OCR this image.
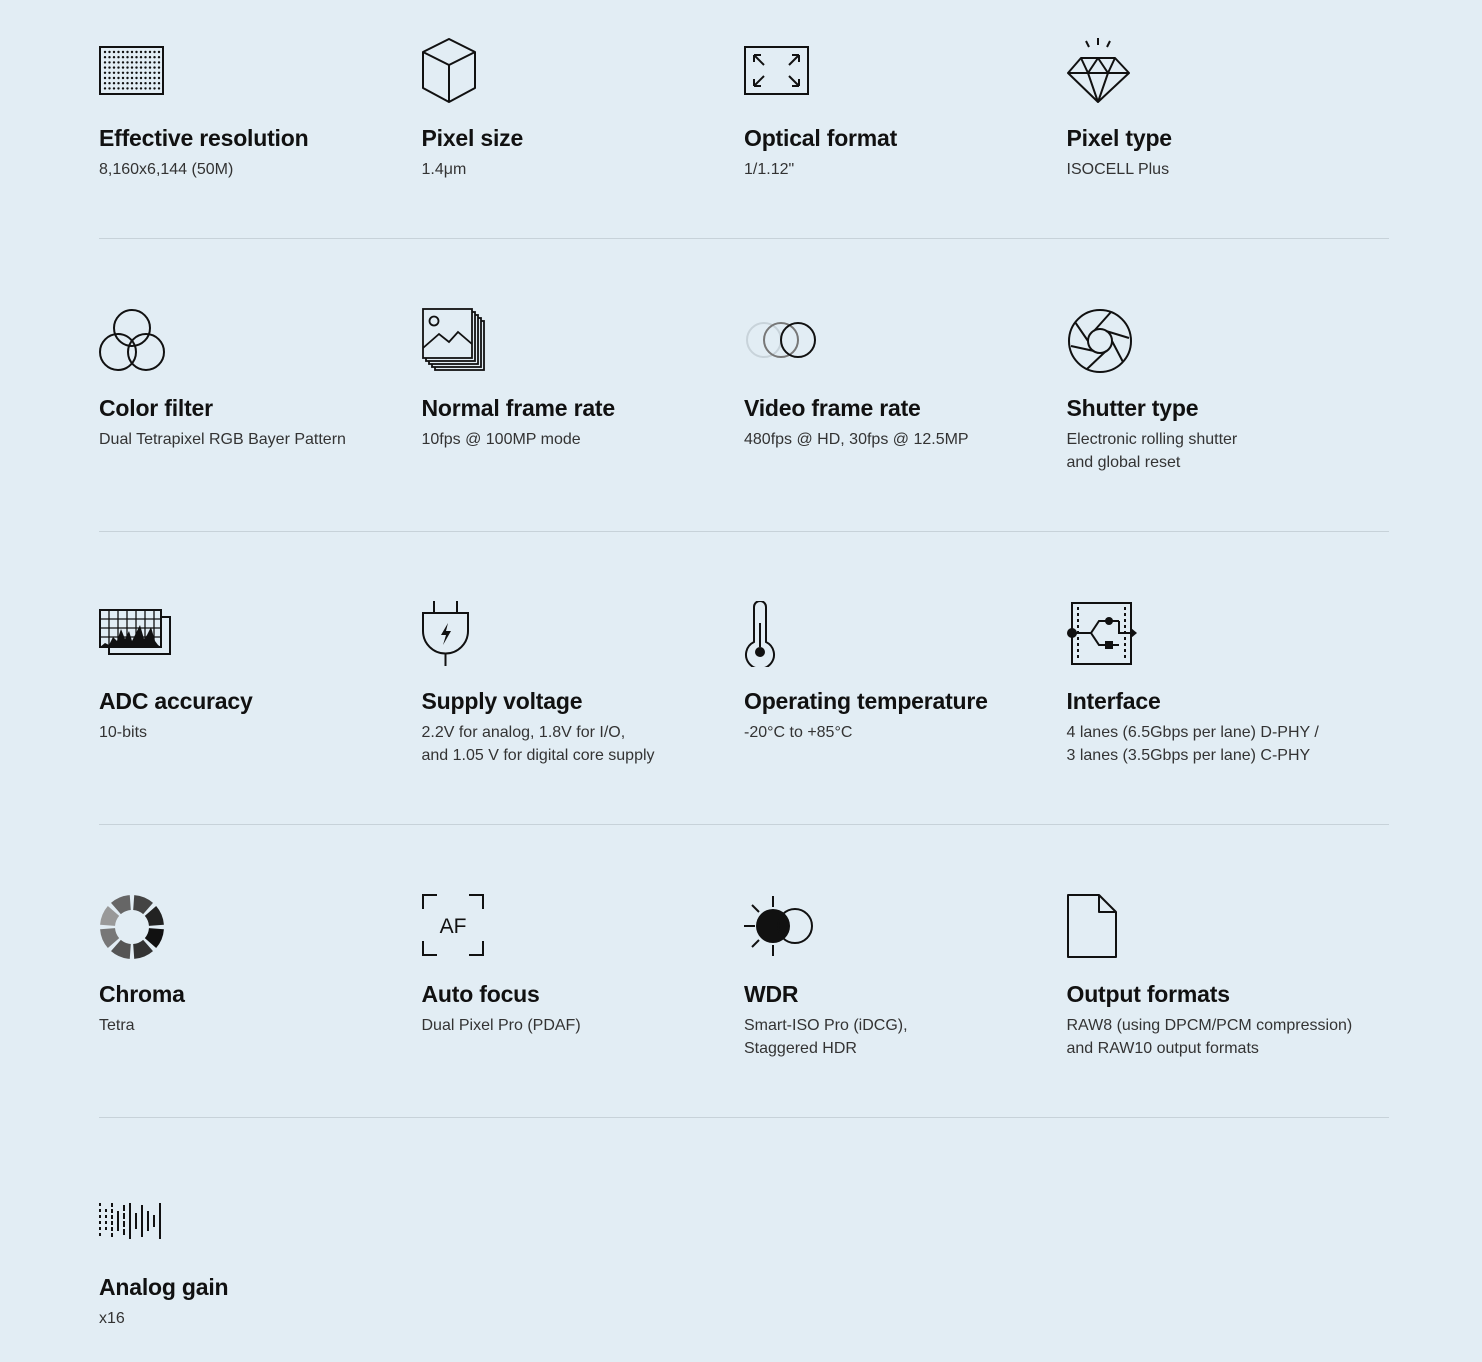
Effective resolution
8,160x6,144 (50M)
Pixel size
1.4μm
Optical format
1/1.12"
Pixel type
ISOCELL Plus
Color filter
Dual Tetrapixel RGB Bayer Pattern
Normal frame rate
10fps @ 100MP mode
Video frame rate
480fps @ HD, 30fps @ 12.5MP
Shutter type
Electronic rolling shutter
and global reset
ADC accuracy
10-bits
Supply voltage
2.2V for analog, 1.8V for I/O,
and 1.05 V for digital core supply
Operating temperature
-20°C to +85°C
Interface
4 lanes (6.5Gbps per lane) D-PHY /
3 lanes (3.5Gbps per lane) C-PHY
Chroma
Tetra
AF
Auto focus
Dual Pixel Pro (PDAF)
WDR
Smart-ISO Pro (iDCG),
Staggered HDR
Output formats
RAW8 (using DPCM/PCM compression)
and RAW10 output formats
Analog gain
x16
